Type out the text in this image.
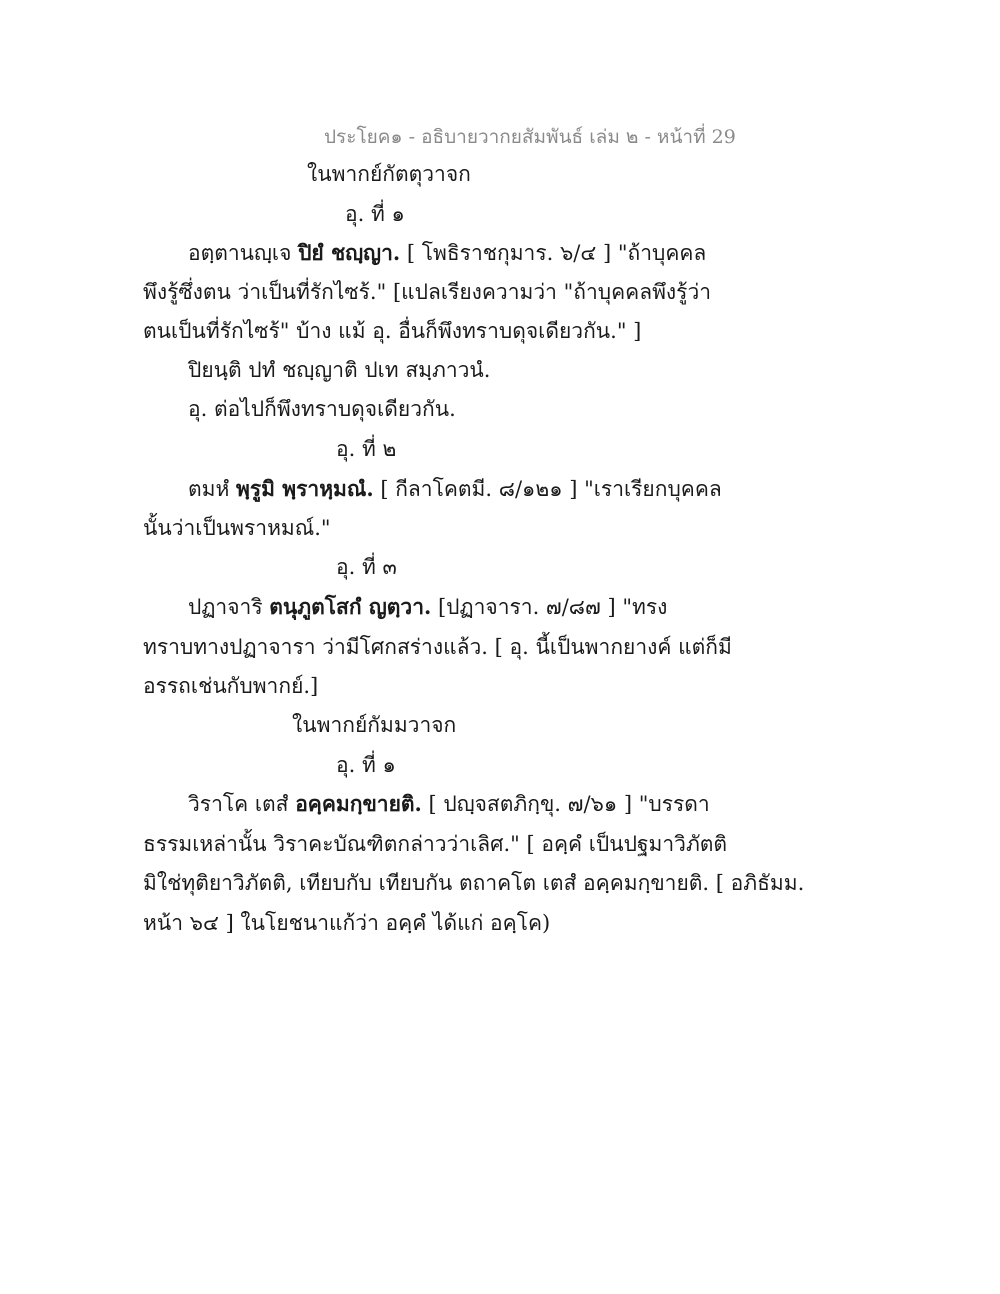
ประโยค๑ - อธิบายวากยสัมพันธ์ เล่ม ๒ - หน้าที่ 29
ในพากย์กัตตุวาจก
อุ. ที่ ๑
อตฺตานญฺเจ ปิยํ ชญฺญา. [ โพธิราชกุมาร. ๖/๔ ] "ถ้าบุคคล
พึงรู้ซึ่งตน ว่าเป็นที่รักไซร้." [แปลเรียงความว่า "ถ้าบุคคลพึงรู้ว่า
ตนเป็นที่รักไซร้" บ้าง แม้ อุ. อื่นก็พึงทราบดุจเดียวกัน." ]
ปิยนฺติ ปทํ ชญฺญาติ ปเท สมฺภาวนํ.
อุ. ต่อไปก็พึงทราบดุจเดียวกัน.
อุ. ที่ ๒
ตมหํ พฺรูมิ พฺราหฺมณํ. [ กีลาโคตมี. ๘/๑๒๑ ] "เราเรียกบุคคล
นั้นว่าเป็นพราหมณ์."
อุ. ที่ ๓
ปฏาจาริ ตนุภูตโสกํ ญตฺวา. [ปฏาจารา. ๗/๘๗ ] "ทรง
ทราบทางปฏาจารา ว่ามีโศกสร่างแล้ว. [ อุ. นี้เป็นพากยางค์ แต่ก็มี
อรรถเช่นกับพากย์.]
ในพากย์กัมมวาจก
อุ. ที่ ๑
วิราโค เตสํ อคฺคมกฺขายติ. [ ปญฺจสตภิกฺขุ. ๗/๖๑ ] "บรรดา
ธรรมเหล่านั้น วิราคะบัณฑิตกล่าวว่าเลิศ." [ อคฺคํ เป็นปฐมาวิภัตติ
มิใช่ทุติยาวิภัตติ, เทียบกับ เทียบกัน ตถาคโต เตสํ อคฺคมกฺขายติ. [ อภิธัมม.
หน้า ๖๔ ] ในโยชนาแก้ว่า อคฺคํ ได้แก่ อคฺโค)
